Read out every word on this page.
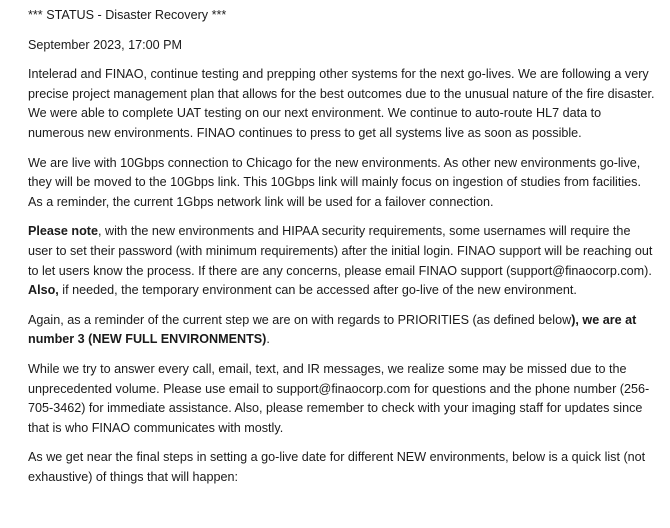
*** STATUS - Disaster Recovery ***

September 2023, 17:00 PM

Intelerad and FINAO, continue testing and prepping other systems for the next go-lives. We are following a very precise project management plan that allows for the best outcomes due to the unusual nature of the fire disaster. We were able to complete UAT testing on our next environment. We continue to auto-route HL7 data to numerous new environments. FINAO continues to press to get all systems live as soon as possible.

We are live with 10Gbps connection to Chicago for the new environments. As other new environments go-live, they will be moved to the 10Gbps link. This 10Gbps link will mainly focus on ingestion of studies from facilities. As a reminder, the current 1Gbps network link will be used for a failover connection.

Please note, with the new environments and HIPAA security requirements, some usernames will require the user to set their password (with minimum requirements) after the initial login. FINAO support will be reaching out to let users know the process. If there are any concerns, please email FINAO support (support@finaocorp.com). Also, if needed, the temporary environment can be accessed after go-live of the new environment.

Again, as a reminder of the current step we are on with regards to PRIORITIES (as defined below), we are at number 3 (NEW FULL ENVIRONMENTS).

While we try to answer every call, email, text, and IR messages, we realize some may be missed due to the unprecedented volume. Please use email to support@finaocorp.com for questions and the phone number (256-705-3462) for immediate assistance. Also, please remember to check with your imaging staff for updates since that is who FINAO communicates with mostly.

As we get near the final steps in setting a go-live date for different NEW environments, below is a quick list (not exhaustive) of things that will happen:
